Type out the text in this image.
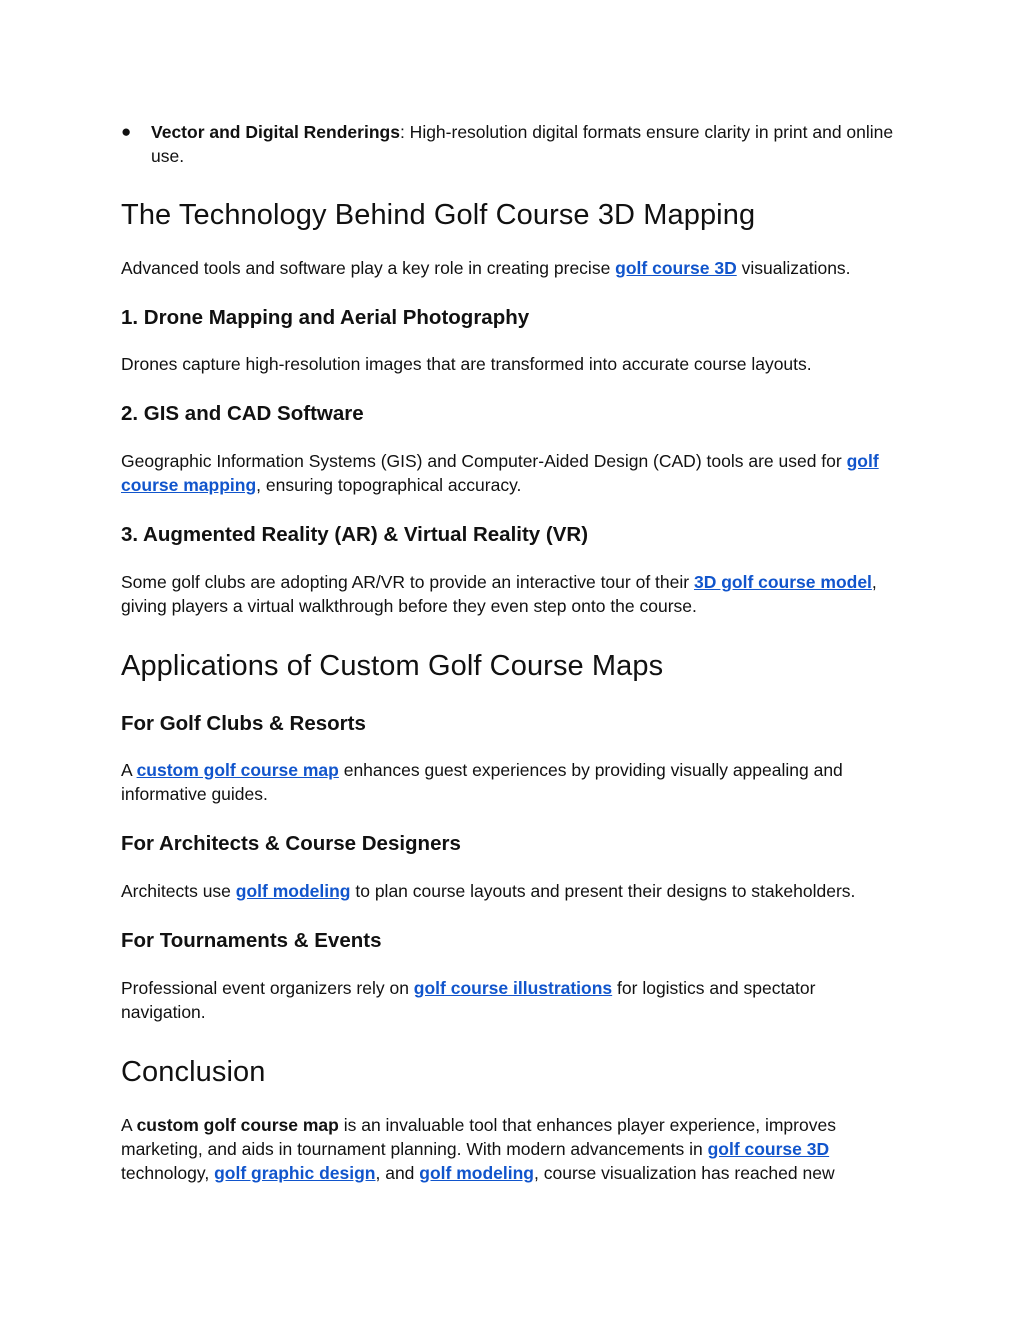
●	Vector and Digital Renderings: High-resolution digital formats ensure clarity in print and online use.
The Technology Behind Golf Course 3D Mapping

Advanced tools and software play a key role in creating precise golf course 3D visualizations.

1. Drone Mapping and Aerial Photography

Drones capture high-resolution images that are transformed into accurate course layouts.

2. GIS and CAD Software

Geographic Information Systems (GIS) and Computer-Aided Design (CAD) tools are used for golf course mapping, ensuring topographical accuracy.

3. Augmented Reality (AR) & Virtual Reality (VR)

Some golf clubs are adopting AR/VR to provide an interactive tour of their 3D golf course model, giving players a virtual walkthrough before they even step onto the course.

Applications of Custom Golf Course Maps
For Golf Clubs & Resorts

A custom golf course map enhances guest experiences by providing visually appealing and informative guides.

For Architects & Course Designers

Architects use golf modeling to plan course layouts and present their designs to stakeholders.

For Tournaments & Events

Professional event organizers rely on golf course illustrations for logistics and spectator navigation.

Conclusion

A custom golf course map is an invaluable tool that enhances player experience, improves marketing, and aids in tournament planning. With modern advancements in golf course 3D technology, golf graphic design, and golf modeling, course visualization has reached new
